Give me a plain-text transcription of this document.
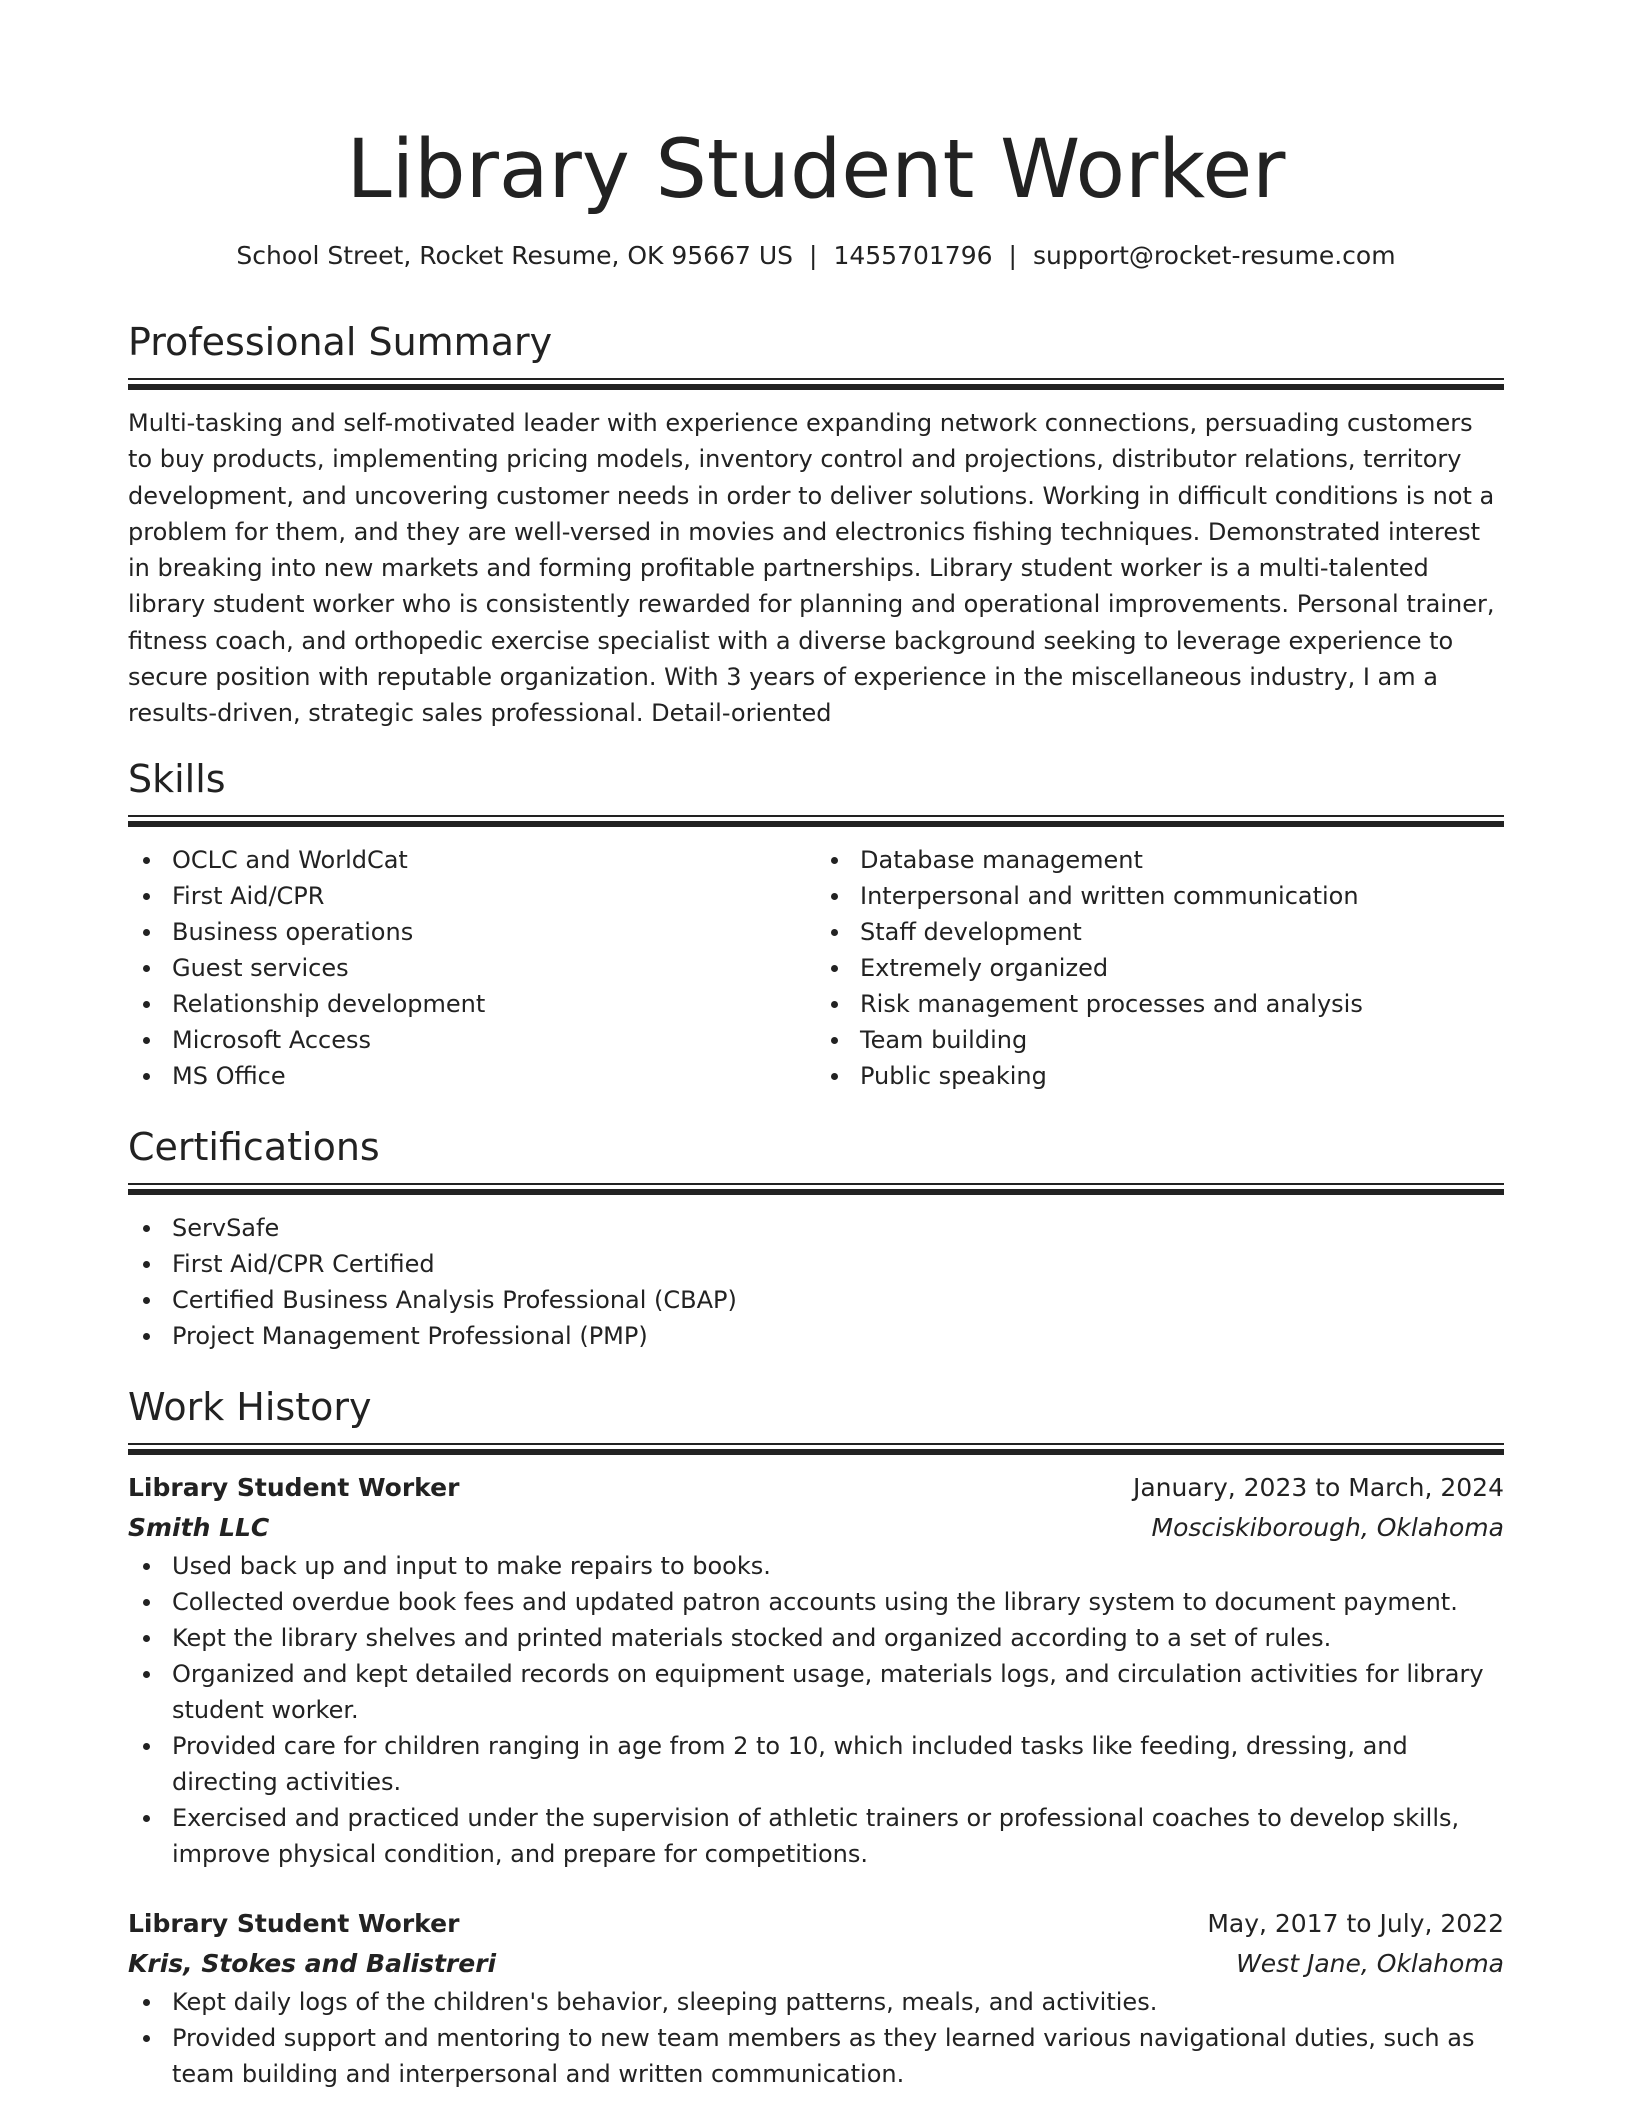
Library Student Worker
School Street, Rocket Resume, OK 95667 US | 1455701796 | support@rocket-resume.com
Professional Summary

Multi-tasking and self-motivated leader with experience expanding network connections, persuading customers to buy products, implementing pricing models, inventory control and projections, distributor relations, territory development, and uncovering customer needs in order to deliver solutions. Working in difficult conditions is not a problem for them, and they are well-versed in movies and electronics fishing techniques. Demonstrated interest in breaking into new markets and forming profitable partnerships. Library student worker is a multi-talented library student worker who is consistently rewarded for planning and operational improvements. Personal trainer, fitness coach, and orthopedic exercise specialist with a diverse background seeking to leverage experience to secure position with reputable organization. With 3 years of experience in the miscellaneous industry, I am a results-driven, strategic sales professional. Detail-oriented

Skills
OCLC and WorldCat
First Aid/CPR
Business operations
Guest services
Relationship development
Microsoft Access
MS Office
Database management
Interpersonal and written communication
Staff development
Extremely organized
Risk management processes and analysis
Team building
Public speaking
Certifications
ServSafe
First Aid/CPR Certified
Certified Business Analysis Professional (CBAP)
Project Management Professional (PMP)
Work History
Library Student Worker	January, 2023 to March, 2024
Smith LLC	Mosciskiborough, Oklahoma
Used back up and input to make repairs to books.
Collected overdue book fees and updated patron accounts using the library system to document payment.
Kept the library shelves and printed materials stocked and organized according to a set of rules.
Organized and kept detailed records on equipment usage, materials logs, and circulation activities for library student worker.
Provided care for children ranging in age from 2 to 10, which included tasks like feeding, dressing, and directing activities.
Exercised and practiced under the supervision of athletic trainers or professional coaches to develop skills, improve physical condition, and prepare for competitions.
Library Student Worker	May, 2017 to July, 2022
Kris, Stokes and Balistreri	West Jane, Oklahoma
Kept daily logs of the children's behavior, sleeping patterns, meals, and activities.
Provided support and mentoring to new team members as they learned various navigational duties, such as team building and interpersonal and written communication.
